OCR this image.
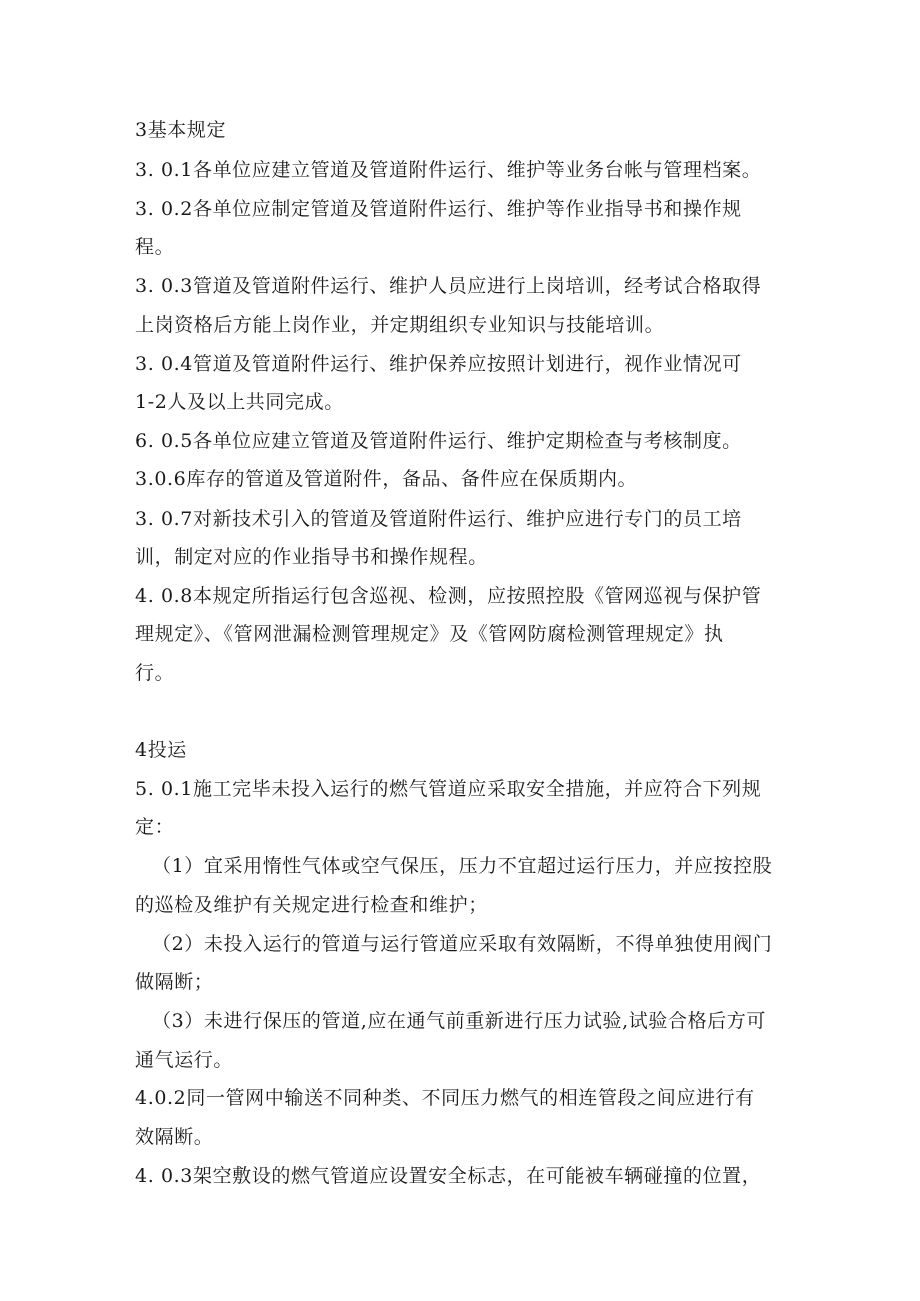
3基本规定
3. 0.1各单位应建立管道及管道附件运行、维护等业务台帐与管理档案。
3. 0.2各单位应制定管道及管道附件运行、维护等作业指导书和操作规
程。
3. 0.3管道及管道附件运行、维护人员应进行上岗培训，经考试合格取得
上岗资格后方能上岗作业，并定期组织专业知识与技能培训。
3. 0.4管道及管道附件运行、维护保养应按照计划进行，视作业情况可
1-2人及以上共同完成。
6. 0.5各单位应建立管道及管道附件运行、维护定期检查与考核制度。
3.0.6库存的管道及管道附件，备品、备件应在保质期内。
3. 0.7对新技术引入的管道及管道附件运行、维护应进行专门的员工培
训，制定对应的作业指导书和操作规程。
4. 0.8本规定所指运行包含巡视、检测，应按照控股《管网巡视与保护管
理规定》、《管网泄漏检测管理规定》及《管网防腐检测管理规定》执
行。
4投运
5. 0.1施工完毕未投入运行的燃气管道应采取安全措施，并应符合下列规
定：
（1）宜采用惰性气体或空气保压，压力不宜超过运行压力，并应按控股
的巡检及维护有关规定进行检查和维护；
（2）未投入运行的管道与运行管道应采取有效隔断，不得单独使用阀门
做隔断；
（3）未进行保压的管道,应在通气前重新进行压力试验,试验合格后方可
通气运行。
4.0.2同一管网中输送不同种类、不同压力燃气的相连管段之间应进行有
效隔断。
4. 0.3架空敷设的燃气管道应设置安全标志，在可能被车辆碰撞的位置，
